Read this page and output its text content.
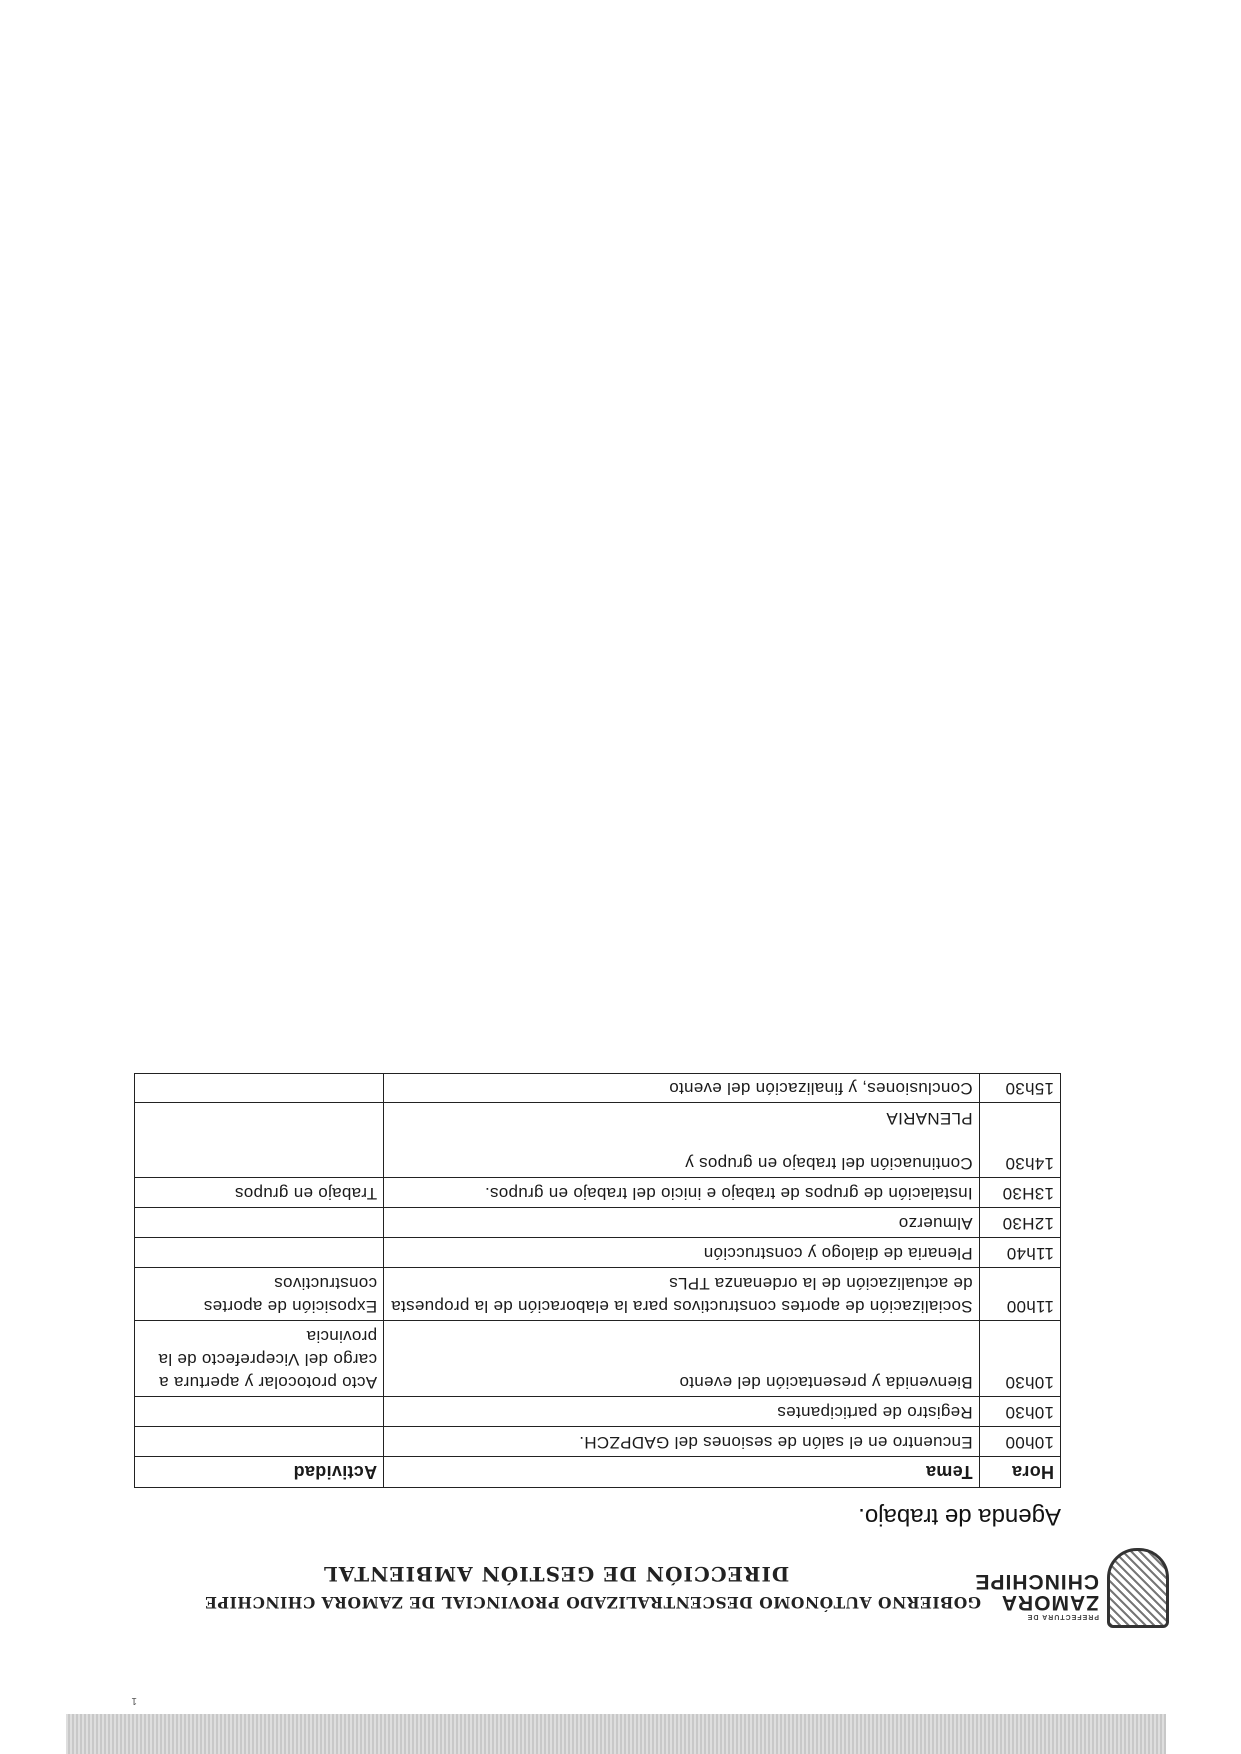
PREFECTURA DE
ZAMORA
CHINCHIPE
GOBIERNO AUTÓNOMO DESCENTRALIZADO PROVINCIAL DE ZAMORA CHINCHIPE
DIRECCIÓN DE GESTIÓN AMBIENTAL
Agenda de trabajo.
Hora	Tema	Actividad
10h00	Encuentro en el salón de sesiones del GADPZCH.	
10h30	Registro de participantes	
10h30	Bienvenida y presentación del evento	Acto protocolar y apertura a cargo del Viceprefecto de la provincia
11h00	Socialización de aportes constructivos para la elaboración de la propuesta de actualización de la ordenanza TPLs	Exposición de aportes constructivos
11h40	Plenaria de dialogo y construcción	
12H30	Almuerzo	
13H30	Instalación de grupos de trabajo e inicio del trabajo en grupos.	Trabajo en grupos
14h30	Continuación del trabajo en grupos y
PLENARIA	

15h30	Conclusiones, y finalización del evento	
1
